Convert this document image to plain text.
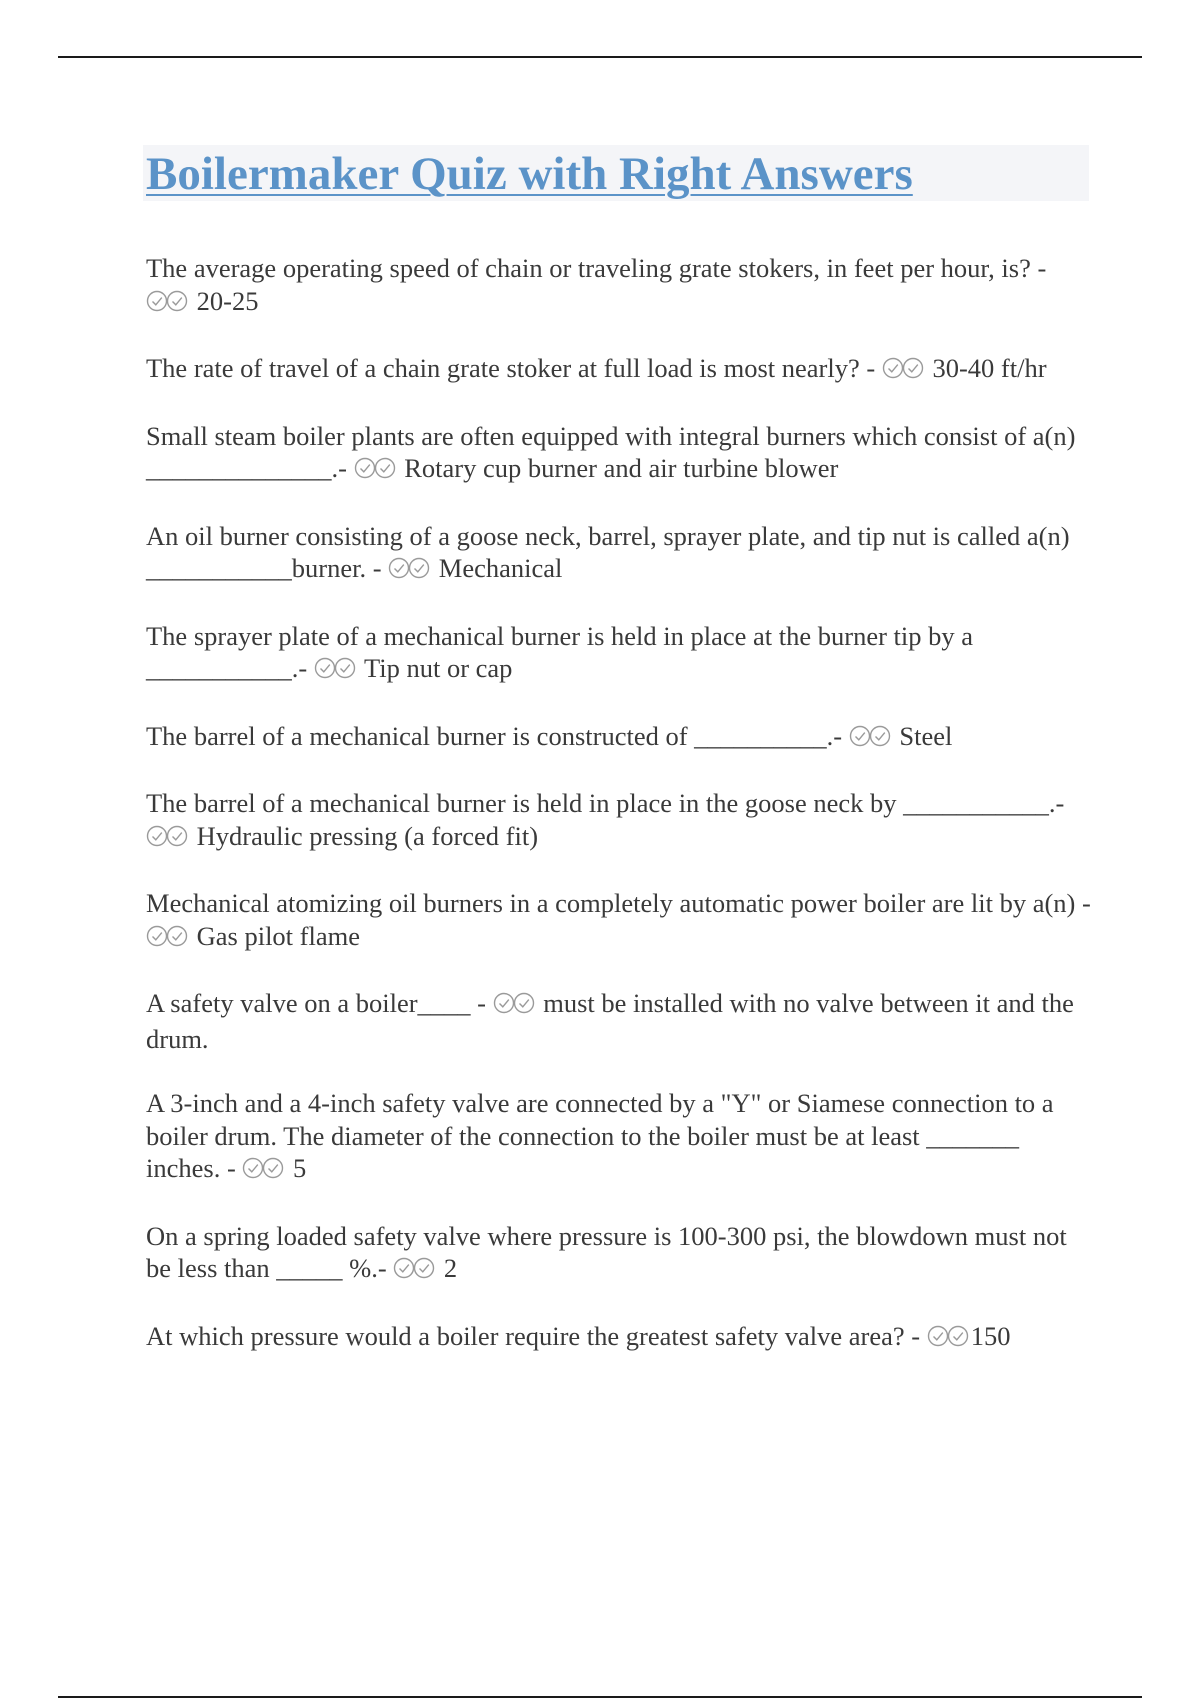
Boilermaker Quiz with Right Answers

The average operating speed of chain or traveling grate stokers, in feet per hour, is? -  20-25

The rate of travel of a chain grate stoker at full load is most nearly? -  30-40 ft/hr

Small steam boiler plants are often equipped with integral burners which consist of a(n) ______________.-  Rotary cup burner and air turbine blower

An oil burner consisting of a goose neck, barrel, sprayer plate, and tip nut is called a(n) ___________burner. -  Mechanical

The sprayer plate of a mechanical burner is held in place at the burner tip by a ___________.-  Tip nut or cap

The barrel of a mechanical burner is constructed of __________.-  Steel

The barrel of a mechanical burner is held in place in the goose neck by ___________.-  Hydraulic pressing (a forced fit)

Mechanical atomizing oil burners in a completely automatic power boiler are lit by a(n) -  Gas pilot flame

A safety valve on a boiler____ -  must be installed with no valve between it and the drum.

A 3-inch and a 4-inch safety valve are connected by a "Y" or Siamese connection to a boiler drum. The diameter of the connection to the boiler must be at least _______ inches. -  5

On a spring loaded safety valve where pressure is 100-300 psi, the blowdown must not be less than _____ %.-  2

At which pressure would a boiler require the greatest safety valve area? - 150
